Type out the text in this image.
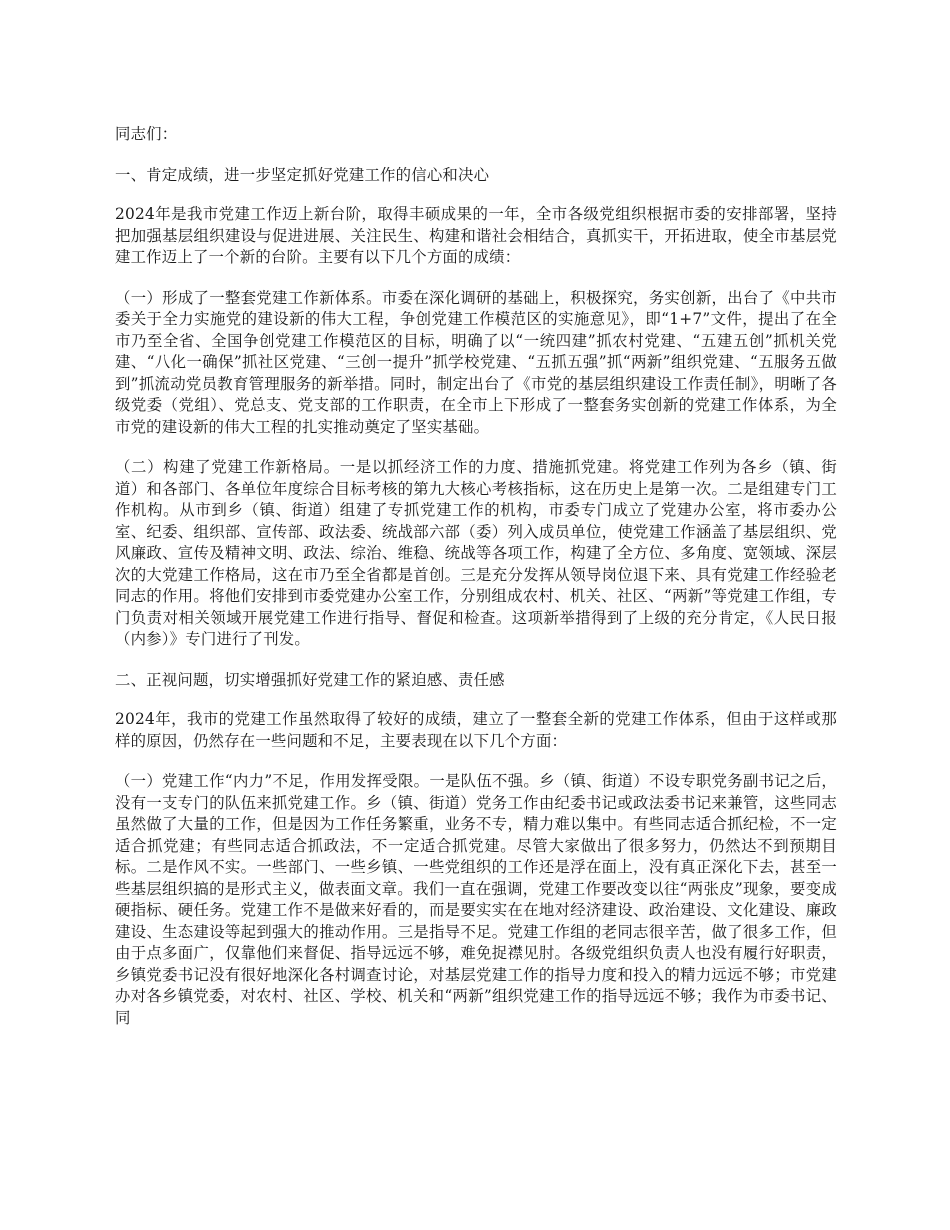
同志们：

一、肯定成绩，进一步坚定抓好党建工作的信心和决心

2024年是我市党建工作迈上新台阶，取得丰硕成果的一年，全市各级党组织根据市委的安排部署，坚持把加强基层组织建设与促进进展、关注民生、构建和谐社会相结合，真抓实干，开拓进取，使全市基层党建工作迈上了一个新的台阶。主要有以下几个方面的成绩：

（一）形成了一整套党建工作新体系。市委在深化调研的基础上，积极探究，务实创新，出台了《中共市委关于全力实施党的建设新的伟大工程，争创党建工作模范区的实施意见》，即“1+7”文件，提出了在全市乃至全省、全国争创党建工作模范区的目标，明确了以“一统四建”抓农村党建、“五建五创”抓机关党建、“八化一确保”抓社区党建、“三创一提升”抓学校党建、“五抓五强”抓“两新”组织党建、“五服务五做到”抓流动党员教育管理服务的新举措。同时，制定出台了《市党的基层组织建设工作责任制》，明晰了各级党委（党组）、党总支、党支部的工作职责，在全市上下形成了一整套务实创新的党建工作体系，为全市党的建设新的伟大工程的扎实推动奠定了坚实基础。

（二）构建了党建工作新格局。一是以抓经济工作的力度、措施抓党建。将党建工作列为各乡（镇、街道）和各部门、各单位年度综合目标考核的第九大核心考核指标，这在历史上是第一次。二是组建专门工作机构。从市到乡（镇、街道）组建了专抓党建工作的机构，市委专门成立了党建办公室，将市委办公室、纪委、组织部、宣传部、政法委、统战部六部（委）列入成员单位，使党建工作涵盖了基层组织、党风廉政、宣传及精神文明、政法、综治、维稳、统战等各项工作，构建了全方位、多角度、宽领域、深层次的大党建工作格局，这在市乃至全省都是首创。三是充分发挥从领导岗位退下来、具有党建工作经验老同志的作用。将他们安排到市委党建办公室工作，分别组成农村、机关、社区、“两新”等党建工作组，专门负责对相关领域开展党建工作进行指导、督促和检查。这项新举措得到了上级的充分肯定，《人民日报（内参）》专门进行了刊发。

二、正视问题，切实增强抓好党建工作的紧迫感、责任感

2024年，我市的党建工作虽然取得了较好的成绩，建立了一整套全新的党建工作体系，但由于这样或那样的原因，仍然存在一些问题和不足，主要表现在以下几个方面：

（一）党建工作“内力”不足，作用发挥受限。一是队伍不强。乡（镇、街道）不设专职党务副书记之后，没有一支专门的队伍来抓党建工作。乡（镇、街道）党务工作由纪委书记或政法委书记来兼管，这些同志虽然做了大量的工作，但是因为工作任务繁重，业务不专，精力难以集中。有些同志适合抓纪检，不一定适合抓党建；有些同志适合抓政法，不一定适合抓党建。尽管大家做出了很多努力，仍然达不到预期目标。二是作风不实。一些部门、一些乡镇、一些党组织的工作还是浮在面上，没有真正深化下去，甚至一些基层组织搞的是形式主义，做表面文章。我们一直在强调，党建工作要改变以往“两张皮”现象，要变成硬指标、硬任务。党建工作不是做来好看的，而是要实实在在地对经济建设、政治建设、文化建设、廉政建设、生态建设等起到强大的推动作用。三是指导不足。党建工作组的老同志很辛苦，做了很多工作，但由于点多面广，仅靠他们来督促、指导远远不够，难免捉襟见肘。各级党组织负责人也没有履行好职责，乡镇党委书记没有很好地深化各村调查讨论，对基层党建工作的指导力度和投入的精力远远不够；市党建办对各乡镇党委，对农村、社区、学校、机关和“两新”组织党建工作的指导远远不够；我作为市委书记、同
